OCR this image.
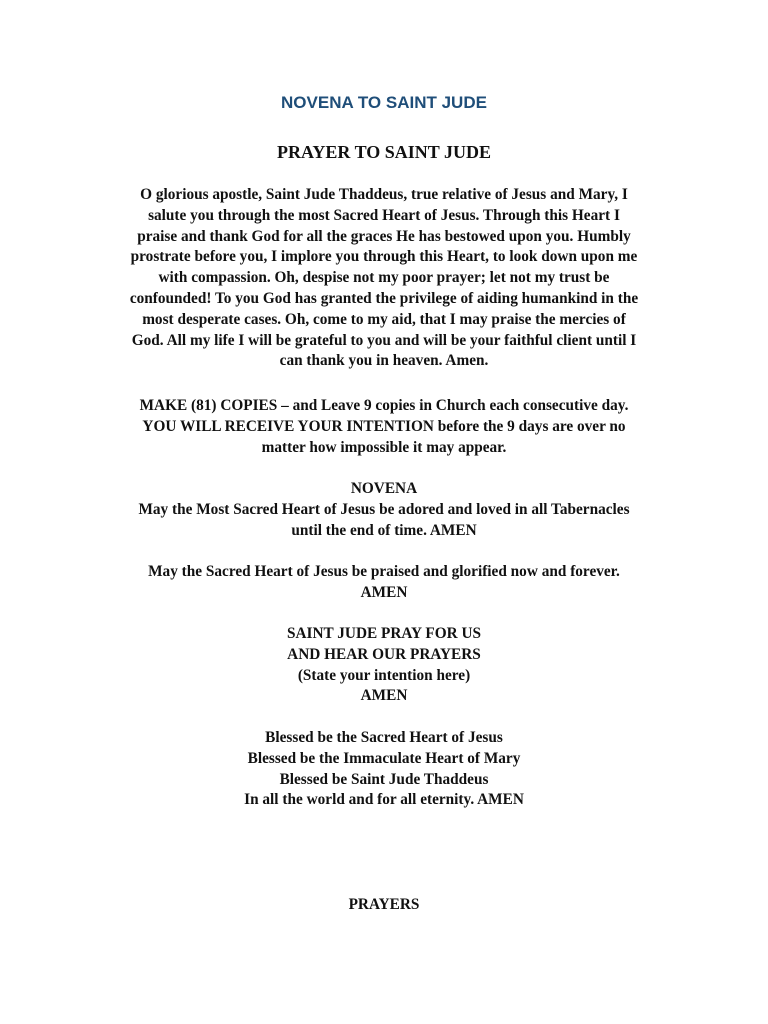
NOVENA TO SAINT JUDE
PRAYER TO SAINT JUDE
O glorious apostle, Saint Jude Thaddeus, true relative of Jesus and Mary, I
salute you through the most Sacred Heart of Jesus. Through this Heart I
praise and thank God for all the graces He has bestowed upon you. Humbly
prostrate before you, I implore you through this Heart, to look down upon me
with compassion. Oh, despise not my poor prayer; let not my trust be
confounded! To you God has granted the privilege of aiding humankind in the
most desperate cases. Oh, come to my aid, that I may praise the mercies of
God. All my life I will be grateful to you and will be your faithful client until I
can thank you in heaven. Amen.
MAKE (81) COPIES – and Leave 9 copies in Church each consecutive day.
YOU WILL RECEIVE YOUR INTENTION before the 9 days are over no
matter how impossible it may appear.
NOVENA
May the Most Sacred Heart of Jesus be adored and loved in all Tabernacles
until the end of time. AMEN
May the Sacred Heart of Jesus be praised and glorified now and forever.
AMEN
SAINT JUDE PRAY FOR US
AND HEAR OUR PRAYERS
(State your intention here)
AMEN
Blessed be the Sacred Heart of Jesus
Blessed be the Immaculate Heart of Mary
Blessed be Saint Jude Thaddeus
In all the world and for all eternity. AMEN
PRAYERS
